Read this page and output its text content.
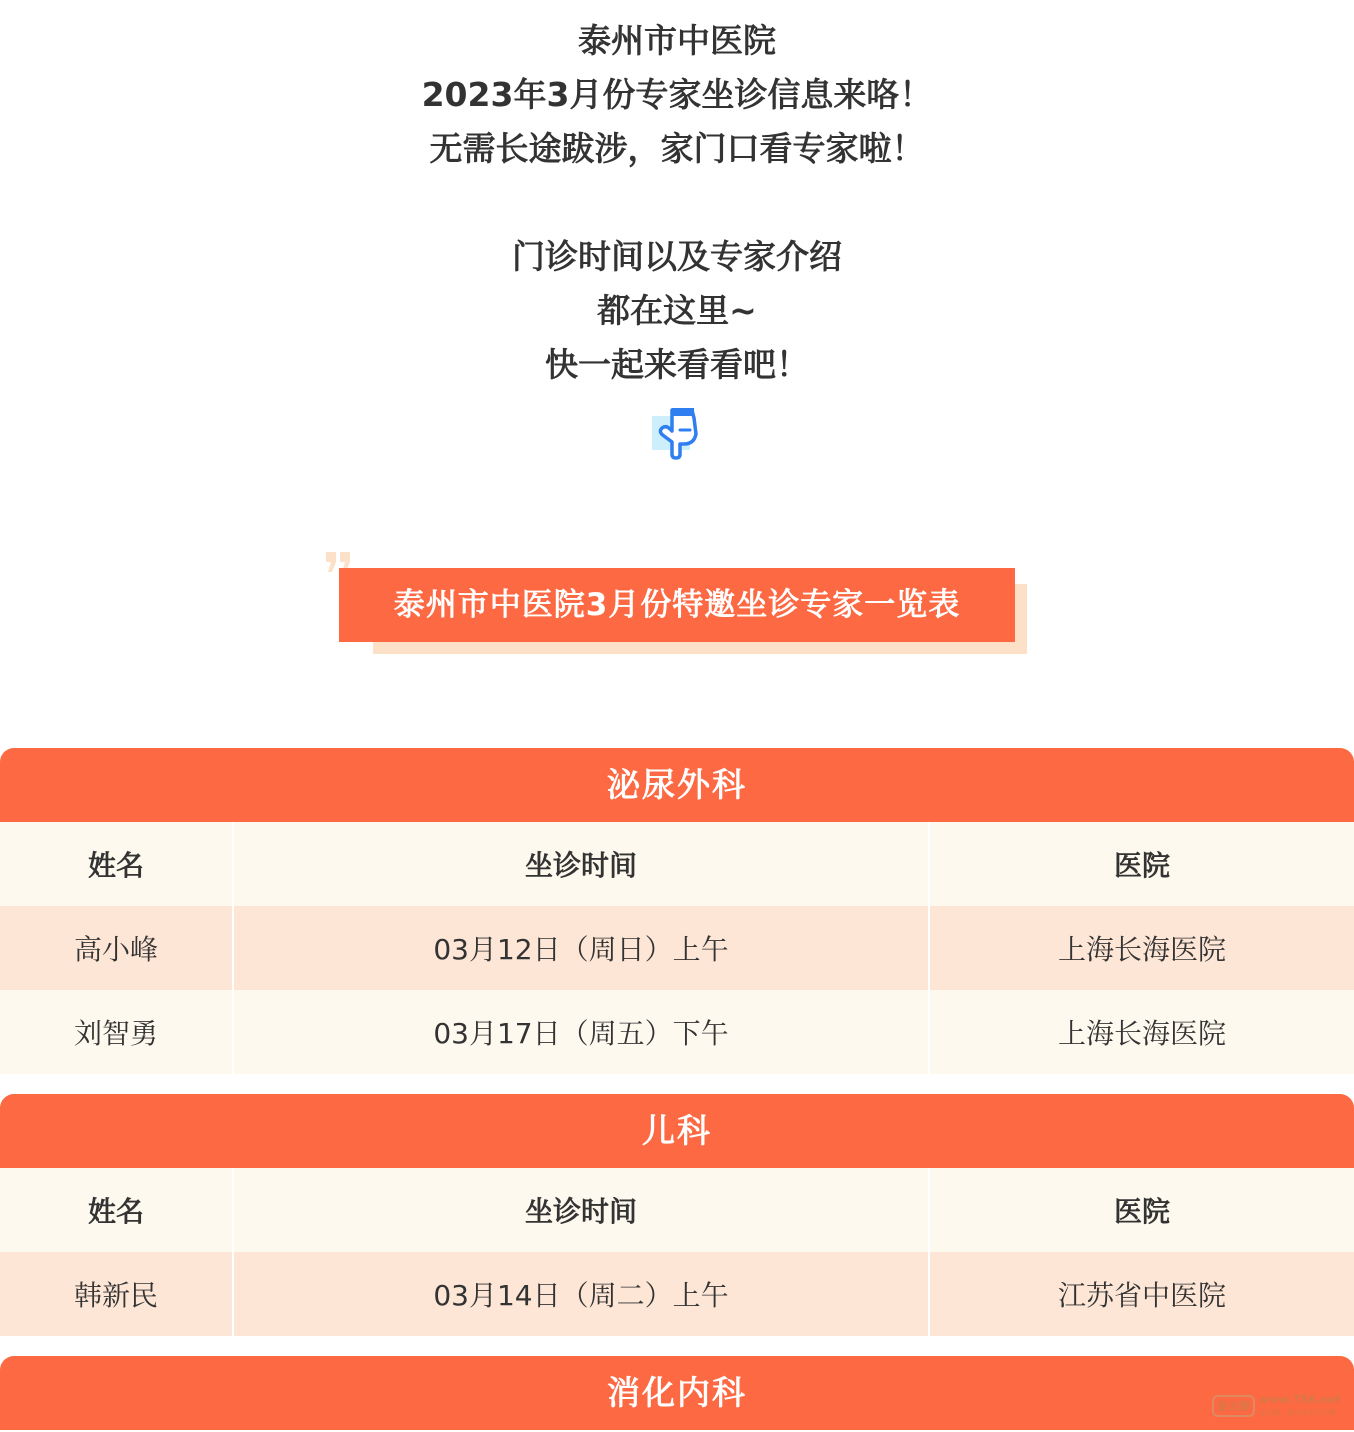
泰州市中医院
2023年3月份专家坐诊信息来咯！
无需长途跋涉，家门口看专家啦！
门诊时间以及专家介绍
都在这里~
快一起来看看吧！
泰州市中医院3月份特邀坐诊专家一览表
泌尿外科
姓名	坐诊时间	医院
高小峰	03月12日（周日）上午	上海长海医院
刘智勇	03月17日（周五）下午	上海长海医院
儿科
姓名	坐诊时间	医院
韩新民	03月14日（周二）上午	江苏省中医院
消化内科	泰无聊
www.T56.net
泰无聊 · 泰州泰无所不聊
